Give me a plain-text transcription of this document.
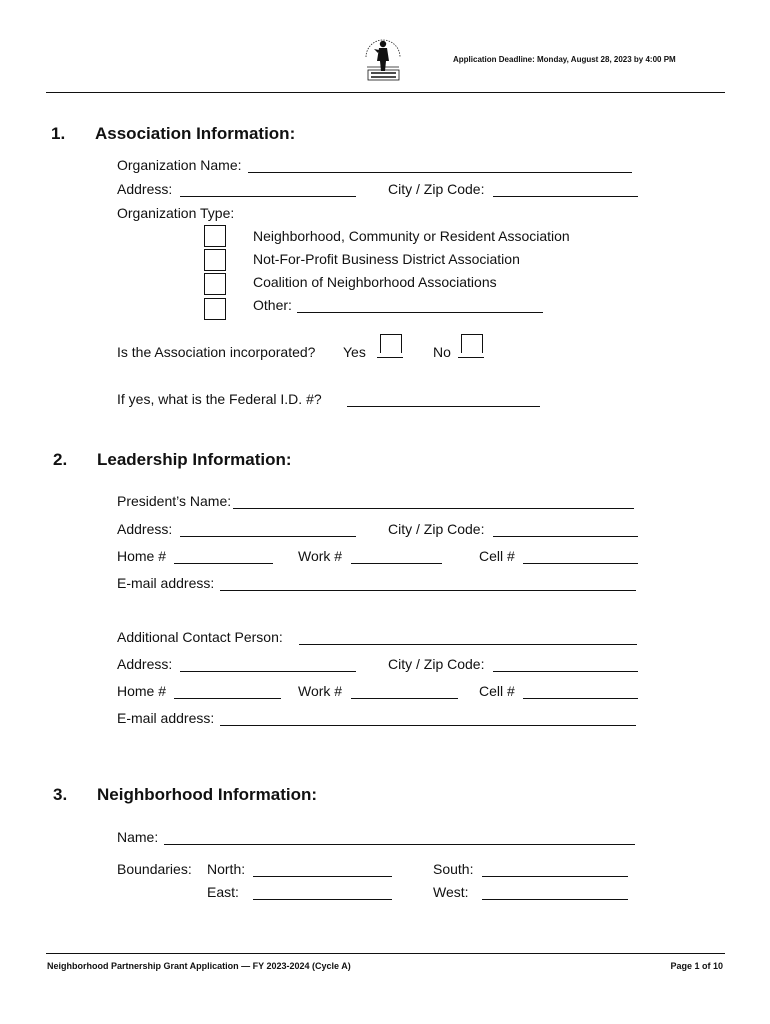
Application Deadline: Monday, August 28, 2023 by 4:00 PM
1. Association Information:
Organization Name:
Address:	City / Zip Code:
Organization Type:
Neighborhood, Community or Resident Association
Not-For-Profit Business District Association
Coalition of Neighborhood Associations
Other:
Is the Association incorporated? Yes	No
If yes, what is the Federal I.D. #?
2. Leadership Information:
President’s Name:
Address:	City / Zip Code:
Home #	Work #	Cell #
E-mail address:
Additional Contact Person:
Address:	City / Zip Code:
Home #	Work #	Cell #
E-mail address:
3. Neighborhood Information:
Name:
Boundaries: North:	South:
East:	West:
Neighborhood Partnership Grant Application — FY 2023-2024 (Cycle A)	Page 1 of 10
